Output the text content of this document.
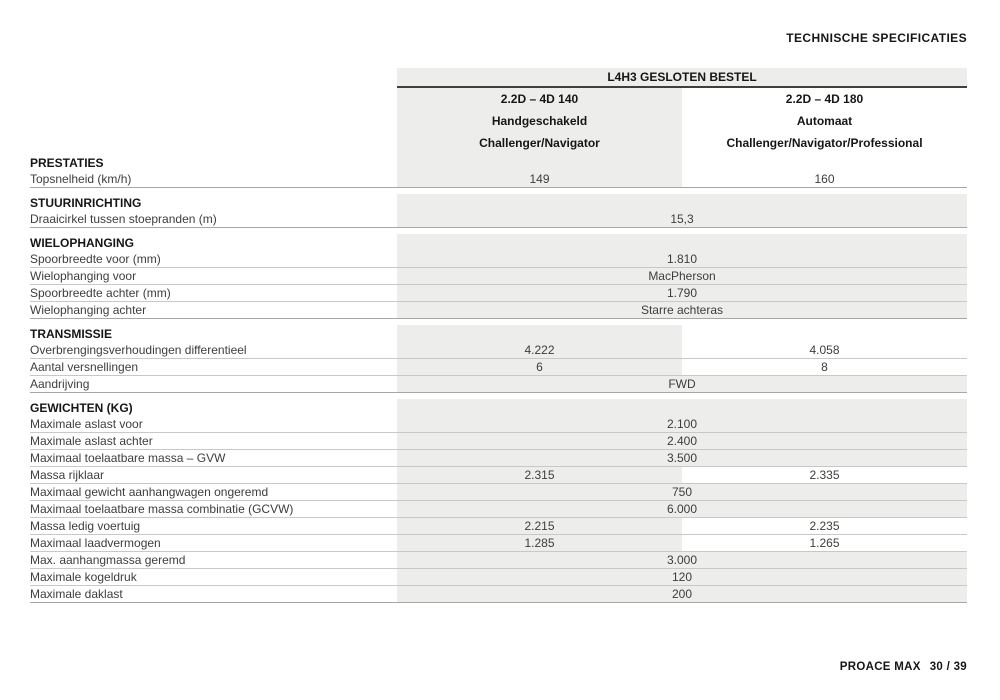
TECHNISCHE SPECIFICATIES
L4H3 GESLOTEN BESTEL
2.2D – 4D 140	2.2D – 4D 180
Handgeschakeld	Automaat
Challenger/Navigator	Challenger/Navigator/Professional
PRESTATIES
Topsnelheid (km/h)	149	160
STUURINRICHTING
Draaicirkel tussen stoepranden (m)	15,3
WIELOPHANGING
Spoorbreedte voor (mm)	1.810
Wielophanging voor	MacPherson
Spoorbreedte achter (mm)	1.790
Wielophanging achter	Starre achteras
TRANSMISSIE
Overbrengingsverhoudingen differentieel	4.222	4.058
Aantal versnellingen	6	8
Aandrijving	FWD
GEWICHTEN (KG)
Maximale aslast voor	2.100
Maximale aslast achter	2.400
Maximaal toelaatbare massa – GVW	3.500
Massa rijklaar	2.315	2.335
Maximaal gewicht aanhangwagen ongeremd	750
Maximaal toelaatbare massa combinatie (GCVW)	6.000
Massa ledig voertuig	2.215	2.235
Maximaal laadvermogen	1.285	1.265
Max. aanhangmassa geremd	3.000
Maximale kogeldruk	120
Maximale daklast	200
PROACE MAX 30 / 39
